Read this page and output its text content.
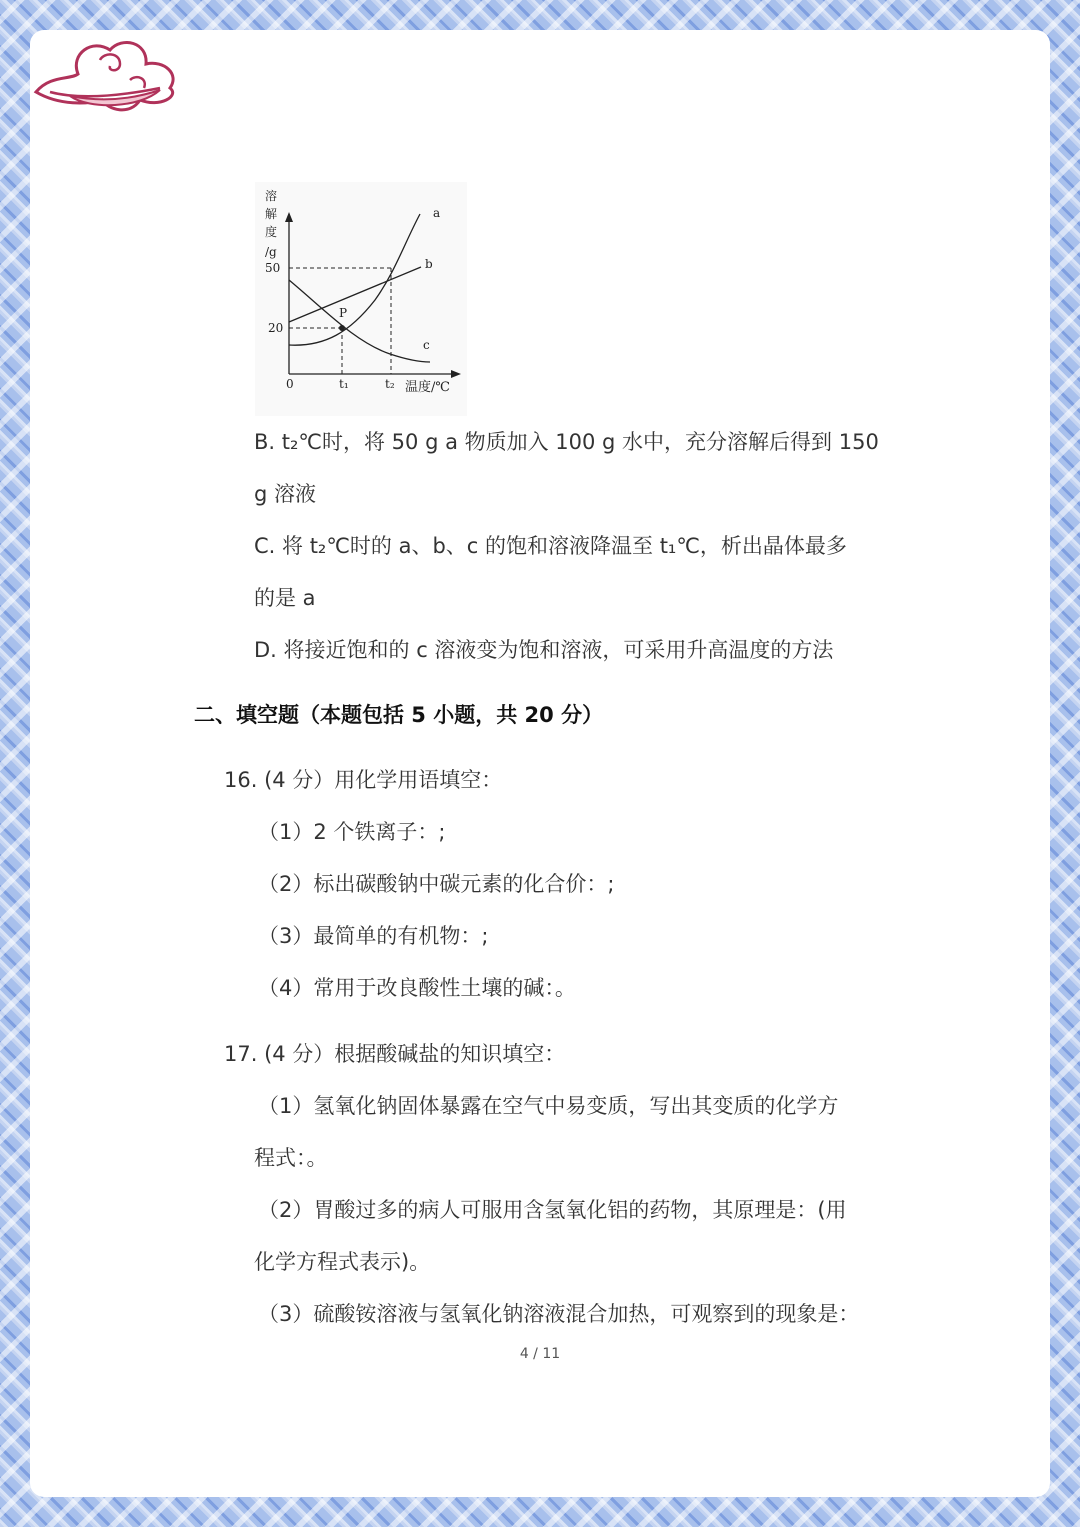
溶
解
度
/g
50
20
0	t₁	t₂ 温度/℃
a
b
c
P
B. t₂℃时，将 50 g a 物质加入 100 g 水中，充分溶解后得到 150
g 溶液
C. 将 t₂℃时的 a、b、c 的饱和溶液降温至 t₁℃，析出晶体最多
的是 a
D. 将接近饱和的 c 溶液变为饱和溶液，可采用升高温度的方法
二、填空题（本题包括 5 小题，共 20 分）
16. (4 分）用化学用语填空：
（1）2 个铁离子：;
（2）标出碳酸钠中碳元素的化合价：;
（3）最简单的有机物：;
（4）常用于改良酸性土壤的碱：。
17. (4 分）根据酸碱盐的知识填空：
（1）氢氧化钠固体暴露在空气中易变质，写出其变质的化学方
程式：。
（2）胃酸过多的病人可服用含氢氧化铝的药物，其原理是：(用
化学方程式表示)。
（3）硫酸铵溶液与氢氧化钠溶液混合加热，可观察到的现象是：
4 / 11
